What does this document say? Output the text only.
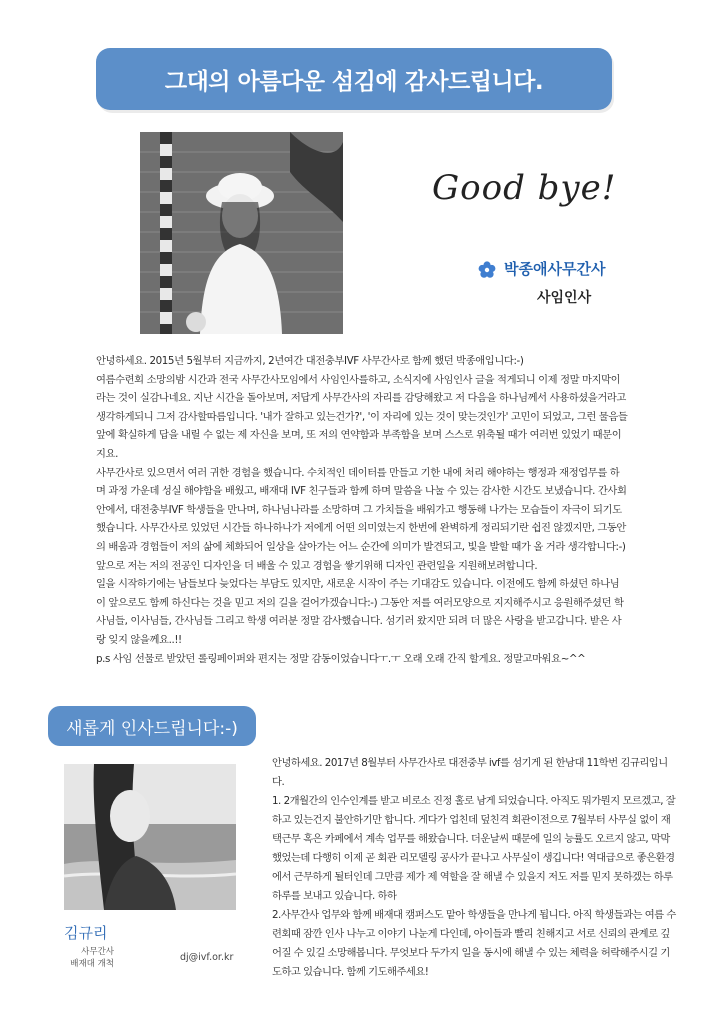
그대의 아름다운 섬김에 감사드립니다.
Good bye!
박종애사무간사
사임인사

안녕하세요. 2015년 5월부터 지금까지, 2년여간 대전충부IVF 사무간사로 함께 했던 박종애입니다:-)

여름수련회 소망의밤 시간과 전국 사무간사모임에서 사임인사를하고, 소식지에 사임인사 글을 적게되니 이제 정말 마지막이라는 것이 실감나네요. 지난 시간을 돌아보며, 저답게 사무간사의 자리를 감당해왔고 저 다음을 하나님께서 사용하셨을거라고 생각하게되니 그저 감사할따름입니다. '내가 잘하고 있는건가?', '이 자리에 있는 것이 맞는것인가' 고민이 되었고, 그런 물음들 앞에 확실하게 답을 내릴 수 없는 제 자신을 보며, 또 저의 연약함과 부족함을 보며 스스로 위축될 때가 여러번 있었기 때문이지요.

사무간사로 있으면서 여러 귀한 경험을 했습니다. 수치적인 데이터를 만들고 기한 내에 처리 해야하는 행정과 재정업무를 하며 과정 가운데 성실 해야함을 배웠고, 배재대 IVF 친구들과 함께 하며 말씀을 나눌 수 있는 감사한 시간도 보냈습니다. 간사회 안에서, 대전충부IVF 학생들을 만나며, 하나님나라를 소망하며 그 가치들을 배워가고 행동해 나가는 모습들이 자극이 되기도 했습니다. 사무간사로 있었던 시간들 하나하나가 저에게 어떤 의미였는지 한번에 완벽하게 정리되기란 쉽진 않겠지만, 그동안의 배움과 경험들이 저의 삶에 체화되어 일상을 살아가는 어느 순간에 의미가 발견되고, 빛을 발할 때가 올 거라 생각합니다:-)

앞으로 저는 저의 전공인 디자인을 더 배울 수 있고 경험을 쌓기위해 디자인 관련일을 지원해보려합니다.

일을 시작하기에는 남들보다 늦었다는 부담도 있지만, 새로운 시작이 주는 기대감도 있습니다. 이전에도 함께 하셨던 하나님이 앞으로도 함께 하신다는 것을 믿고 저의 길을 걸어가겠습니다:-) 그동안 저를 여러모양으로 지지해주시고 응원해주셨던 학사님들, 이사님들, 간사님들 그리고 학생 여러분 정말 감사했습니다. 섬기러 왔지만 되려 더 많은 사랑을 받고갑니다. 받은 사랑 잊지 않을께요..!!

p.s 사임 선물로 받았던 롤링페이퍼와 편지는 정말 감동이었습니다ㅜ.ㅜ 오래 오래 간직 할게요. 정말고마워요~^^

새롭게 인사드립니다:-)
김규리
사무간사
배재대 개척
dj@ivf.or.kr

안녕하세요. 2017년 8월부터 사무간사로 대전중부 ivf를 섬기게 된 한남대 11학번 김규리입니다.

1. 2개월간의 인수인계를 받고 비로소 진정 홀로 남게 되었습니다. 아직도 뭐가뭔지 모르겠고, 잘하고 있는건지 불안하기만 합니다. 게다가 업친데 덮친격 회관이전으로 7월부터 사무실 없이 재택근무 혹은 카페에서 계속 업무를 해왔습니다. 더운날씨 때문에 일의 능률도 오르지 않고, 막막했었는데 다행히 이제 곧 회관 리모델링 공사가 끝나고 사무실이 생깁니다! 역대급으로 좋은환경에서 근무하게 될터인데 그만큼 제가 제 역할을 잘 해낼 수 있을지 저도 저를 믿지 못하겠는 하루하루를 보내고 있습니다. 하하

2.사무간사 업무와 함께 배재대 캠퍼스도 맡아 학생들을 만나게 됩니다. 아직 학생들과는 여름 수련회때 잠깐 인사 나누고 이야기 나눈게 다인데, 아이들과 빨리 친해지고 서로 신뢰의 관계로 깊어질 수 있길 소망해봅니다. 무엇보다 두가지 일을 동시에 해낼 수 있는 체력을 허락해주시길 기도하고 있습니다. 함께 기도해주세요!
